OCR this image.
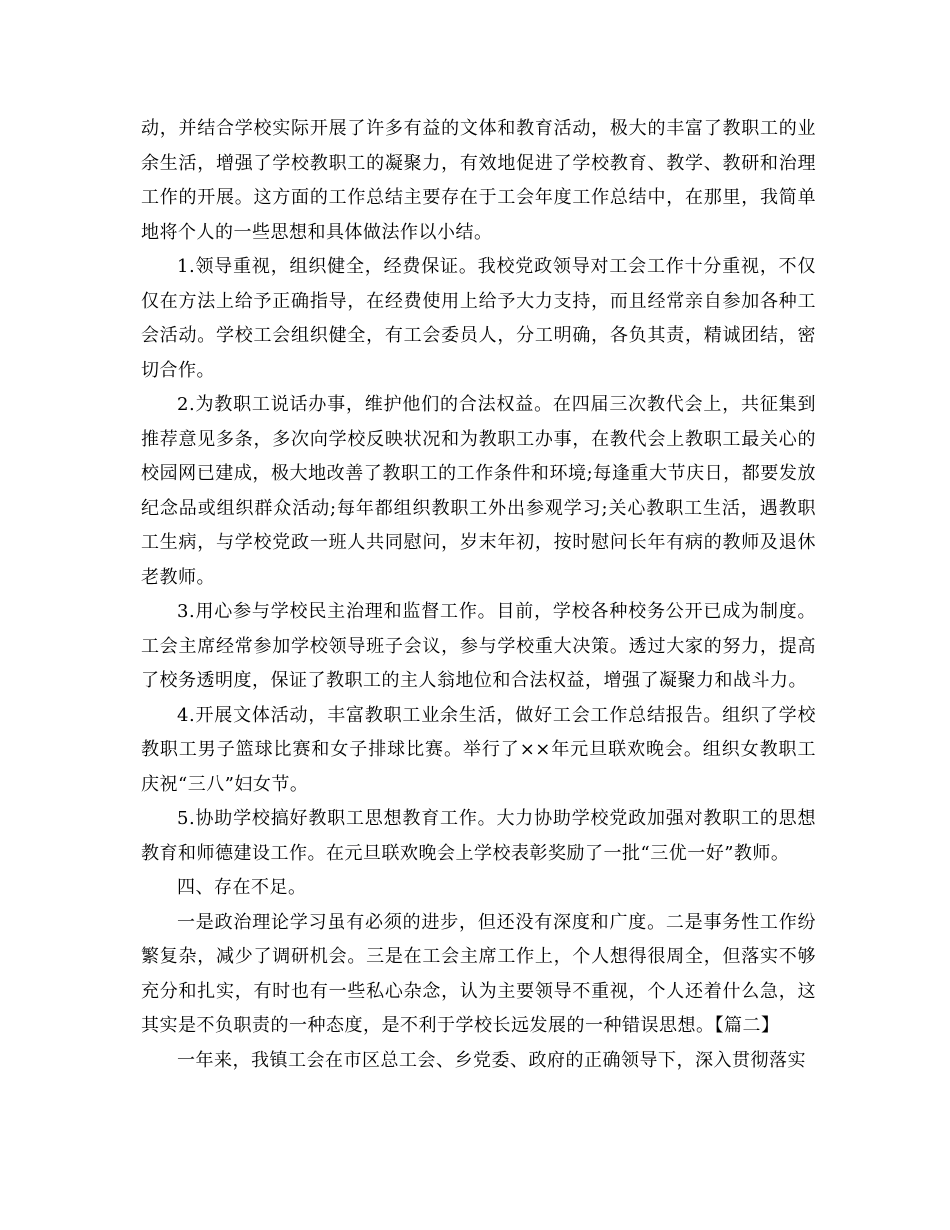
动，并结合学校实际开展了许多有益的文体和教育活动，极大的丰富了教职工的业余生活，增强了学校教职工的凝聚力，有效地促进了学校教育、教学、教研和治理工作的开展。这方面的工作总结主要存在于工会年度工作总结中，在那里，我简单地将个人的一些思想和具体做法作以小结。

1.领导重视，组织健全，经费保证。我校党政领导对工会工作十分重视，不仅仅在方法上给予正确指导，在经费使用上给予大力支持，而且经常亲自参加各种工会活动。学校工会组织健全，有工会委员人，分工明确，各负其责，精诚团结，密切合作。

2.为教职工说话办事，维护他们的合法权益。在四届三次教代会上，共征集到推荐意见多条，多次向学校反映状况和为教职工办事，在教代会上教职工最关心的校园网已建成，极大地改善了教职工的工作条件和环境;每逢重大节庆日，都要发放纪念品或组织群众活动;每年都组织教职工外出参观学习;关心教职工生活，遇教职工生病，与学校党政一班人共同慰问，岁末年初，按时慰问长年有病的教师及退休老教师。

3.用心参与学校民主治理和监督工作。目前，学校各种校务公开已成为制度。工会主席经常参加学校领导班子会议，参与学校重大决策。透过大家的努力，提高了校务透明度，保证了教职工的主人翁地位和合法权益，增强了凝聚力和战斗力。

4.开展文体活动，丰富教职工业余生活，做好工会工作总结报告。组织了学校教职工男子篮球比赛和女子排球比赛。举行了××年元旦联欢晚会。组织女教职工庆祝“三八”妇女节。

5.协助学校搞好教职工思想教育工作。大力协助学校党政加强对教职工的思想教育和师德建设工作。在元旦联欢晚会上学校表彰奖励了一批“三优一好”教师。

四、存在不足。

一是政治理论学习虽有必须的进步，但还没有深度和广度。二是事务性工作纷繁复杂，减少了调研机会。三是在工会主席工作上，个人想得很周全，但落实不够充分和扎实，有时也有一些私心杂念，认为主要领导不重视，个人还着什么急，这其实是不负职责的一种态度，是不利于学校长远发展的一种错误思想。【篇二】

一年来，我镇工会在市区总工会、乡党委、政府的正确领导下，深入贯彻落实
